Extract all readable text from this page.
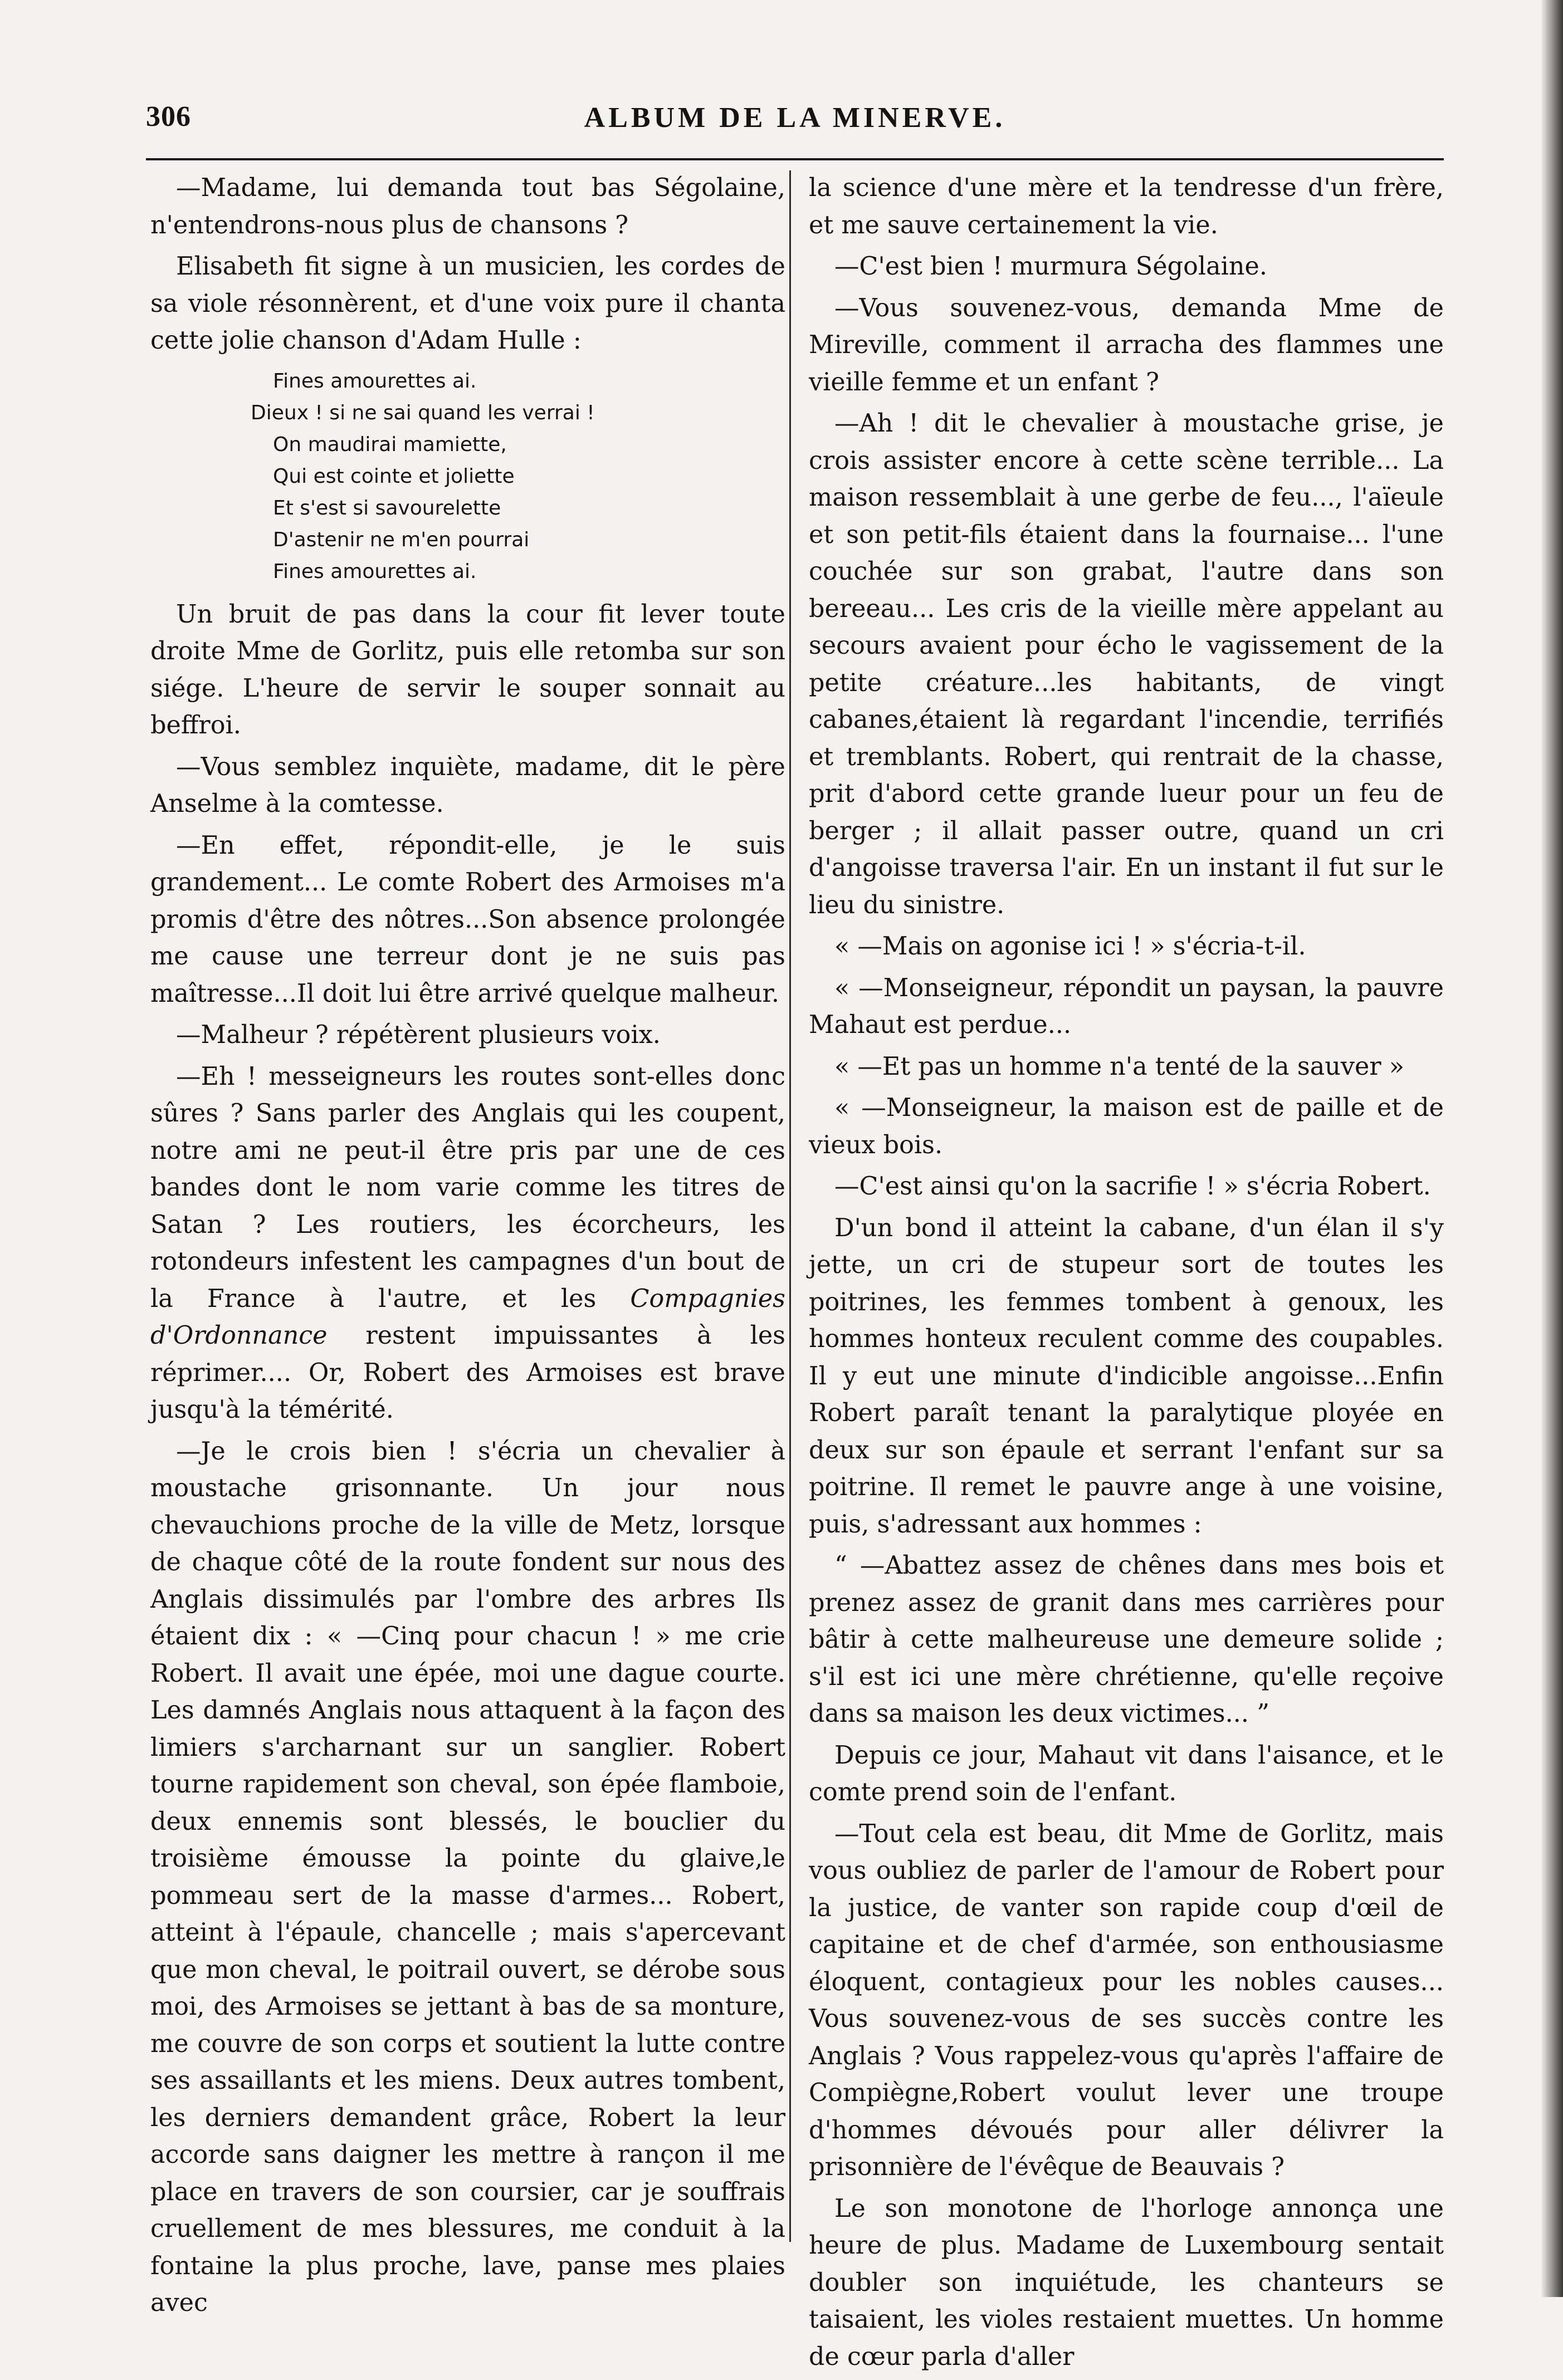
306	ALBUM DE LA MINERVE.

—Madame, lui demanda tout bas Ségolaine, n'entendrons-nous plus de chansons ?

Elisabeth fit signe à un musicien, les cordes de sa viole résonnèrent, et d'une voix pure il chanta cette jolie chanson d'Adam Hulle :

Fines amourettes ai.
Dieux ! si ne sai quand les verrai !
On maudirai mamiette,
Qui est cointe et joliette
Et s'est si savourelette
D'astenir ne m'en pourrai
Fines amourettes ai.

Un bruit de pas dans la cour fit lever toute droite Mme de Gorlitz, puis elle retomba sur son siége. L'heure de servir le souper sonnait au beffroi.

—Vous semblez inquiète, madame, dit le père Anselme à la comtesse.

—En effet, répondit-elle, je le suis grandement... Le comte Robert des Armoises m'a promis d'être des nôtres...Son absence prolongée me cause une terreur dont je ne suis pas maîtresse...Il doit lui être arrivé quelque malheur.

—Malheur ? répétèrent plusieurs voix.

—Eh ! messeigneurs les routes sont-elles donc sûres ? Sans parler des Anglais qui les coupent, notre ami ne peut-il être pris par une de ces bandes dont le nom varie comme les titres de Satan ? Les routiers, les écorcheurs, les rotondeurs infestent les campagnes d'un bout de la France à l'autre, et les Compagnies d'Ordonnance restent impuissantes à les réprimer.... Or, Robert des Armoises est brave jusqu'à la témérité.

—Je le crois bien ! s'écria un chevalier à moustache grisonnante. Un jour nous chevauchions proche de la ville de Metz, lorsque de chaque côté de la route fondent sur nous des Anglais dissimulés par l'ombre des arbres Ils étaient dix : « —Cinq pour chacun ! » me crie Robert. Il avait une épée, moi une dague courte. Les damnés Anglais nous attaquent à la façon des limiers s'archarnant sur un sanglier. Robert tourne rapidement son cheval, son épée flamboie, deux ennemis sont blessés, le bouclier du troisième émousse la pointe du glaive,le pommeau sert de la masse d'armes... Robert, atteint à l'épaule, chancelle ; mais s'apercevant que mon cheval, le poitrail ouvert, se dérobe sous moi, des Armoises se jettant à bas de sa monture, me couvre de son corps et soutient la lutte contre ses assaillants et les miens. Deux autres tombent, les derniers demandent grâce, Robert la leur accorde sans daigner les mettre à rançon il me place en travers de son coursier, car je souffrais cruellement de mes blessures, me conduit à la fontaine la plus proche, lave, panse mes plaies avec

la science d'une mère et la tendresse d'un frère, et me sauve certainement la vie.

—C'est bien ! murmura Ségolaine.

—Vous souvenez-vous, demanda Mme de Mireville, comment il arracha des flammes une vieille femme et un enfant ?

—Ah ! dit le chevalier à moustache grise, je crois assister encore à cette scène terrible... La maison ressemblait à une gerbe de feu..., l'aïeule et son petit-fils étaient dans la fournaise... l'une couchée sur son grabat, l'autre dans son bereeau... Les cris de la vieille mère appelant au secours avaient pour écho le vagissement de la petite créature...les habitants, de vingt cabanes,étaient là regardant l'incendie, terrifiés et tremblants. Robert, qui rentrait de la chasse, prit d'abord cette grande lueur pour un feu de berger ; il allait passer outre, quand un cri d'angoisse traversa l'air. En un instant il fut sur le lieu du sinistre.

« —Mais on agonise ici ! » s'écria-t-il.

« —Monseigneur, répondit un paysan, la pauvre Mahaut est perdue...

« —Et pas un homme n'a tenté de la sauver »

« —Monseigneur, la maison est de paille et de vieux bois.

—C'est ainsi qu'on la sacrifie ! » s'écria Robert.

D'un bond il atteint la cabane, d'un élan il s'y jette, un cri de stupeur sort de toutes les poitrines, les femmes tombent à genoux, les hommes honteux reculent comme des coupables. Il y eut une minute d'indicible angoisse...Enfin Robert paraît tenant la paralytique ployée en deux sur son épaule et serrant l'enfant sur sa poitrine. Il remet le pauvre ange à une voisine, puis, s'adressant aux hommes :

“ —Abattez assez de chênes dans mes bois et prenez assez de granit dans mes carrières pour bâtir à cette malheureuse une demeure solide ; s'il est ici une mère chrétienne, qu'elle reçoive dans sa maison les deux victimes... ”

Depuis ce jour, Mahaut vit dans l'aisance, et le comte prend soin de l'enfant.

—Tout cela est beau, dit Mme de Gorlitz, mais vous oubliez de parler de l'amour de Robert pour la justice, de vanter son rapide coup d'œil de capitaine et de chef d'armée, son enthousiasme éloquent, contagieux pour les nobles causes... Vous souvenez-vous de ses succès contre les Anglais ? Vous rappelez-vous qu'après l'affaire de Compiègne,Robert voulut lever une troupe d'hommes dévoués pour aller délivrer la prisonnière de l'évêque de Beauvais ?

Le son monotone de l'horloge annonça une heure de plus. Madame de Luxembourg sentait doubler son inquiétude, les chanteurs se taisaient, les violes restaient muettes. Un homme de cœur parla d'aller
